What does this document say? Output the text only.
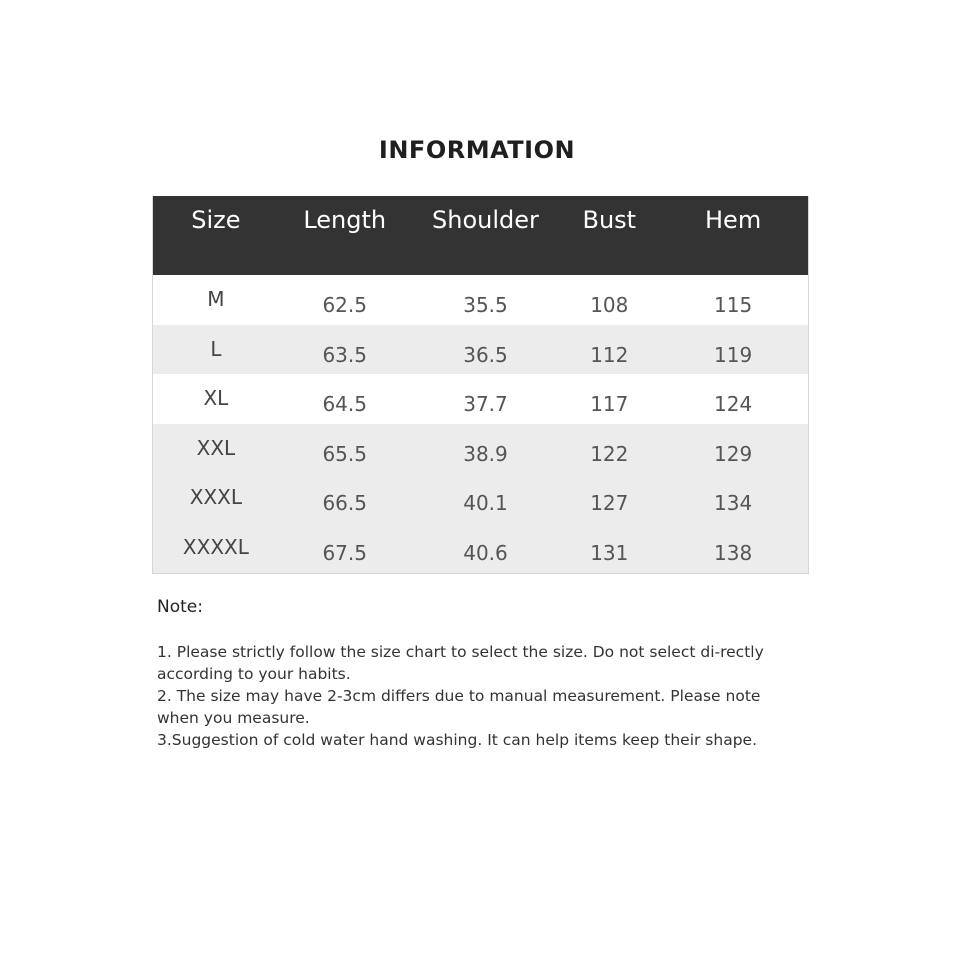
INFORMATION
Size	Length	Shoulder	Bust	Hem
M	62.5	35.5	108	115
L	63.5	36.5	112	119
XL	64.5	37.7	117	124
XXL	65.5	38.9	122	129
XXXL	66.5	40.1	127	134
XXXXL	67.5	40.6	131	138
Note:

1. Please strictly follow the size chart to select the size. Do not select di-rectly according to your habits.

2. The size may have 2-3cm differs due to manual measurement. Please note when you measure.

3.Suggestion of cold water hand washing. It can help items keep their shape.
